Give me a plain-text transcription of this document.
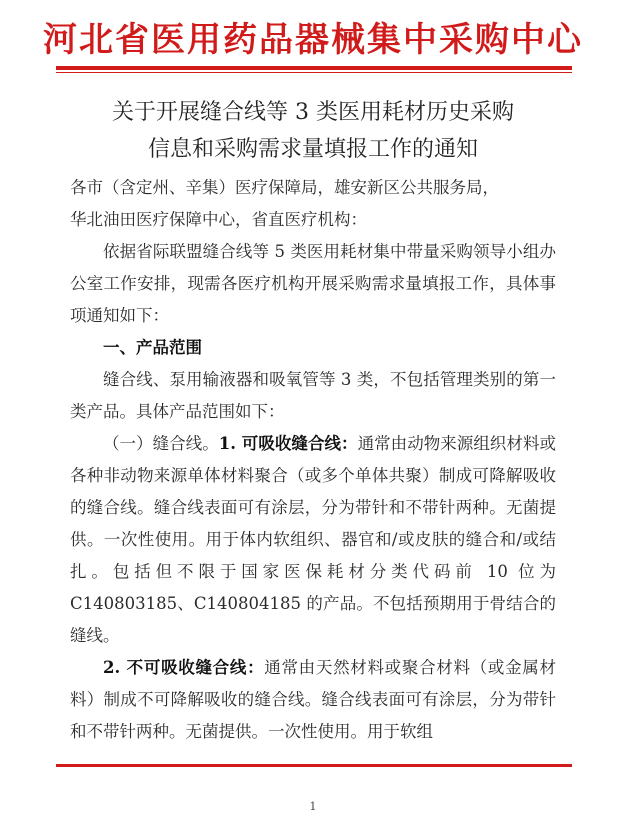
河北省医用药品器械集中采购中心
关于开展缝合线等 3 类医用耗材历史采购
信息和采购需求量填报工作的通知

各市（含定州、辛集）医疗保障局，雄安新区公共服务局，

华北油田医疗保障中心，省直医疗机构：

依据省际联盟缝合线等 5 类医用耗材集中带量采购领导小组办公室工作安排，现需各医疗机构开展采购需求量填报工作，具体事项通知如下：

一、产品范围

缝合线、泵用输液器和吸氧管等 3 类，不包括管理类别的第一类产品。具体产品范围如下：

（一）缝合线。1. 可吸收缝合线：通常由动物来源组织材料或各种非动物来源单体材料聚合（或多个单体共聚）制成可降解吸收的缝合线。缝合线表面可有涂层，分为带针和不带针两种。无菌提供。一次性使用。用于体内软组织、器官和/或皮肤的缝合和/或结扎。包括但不限于国家医保耗材分类代码前 10 位为 C140803185、C140804185 的产品。不包括预期用于骨结合的缝线。

2. 不可吸收缝合线：通常由天然材料或聚合材料（或金属材料）制成不可降解吸收的缝合线。缝合线表面可有涂层，分为带针和不带针两种。无菌提供。一次性使用。用于软组

1
